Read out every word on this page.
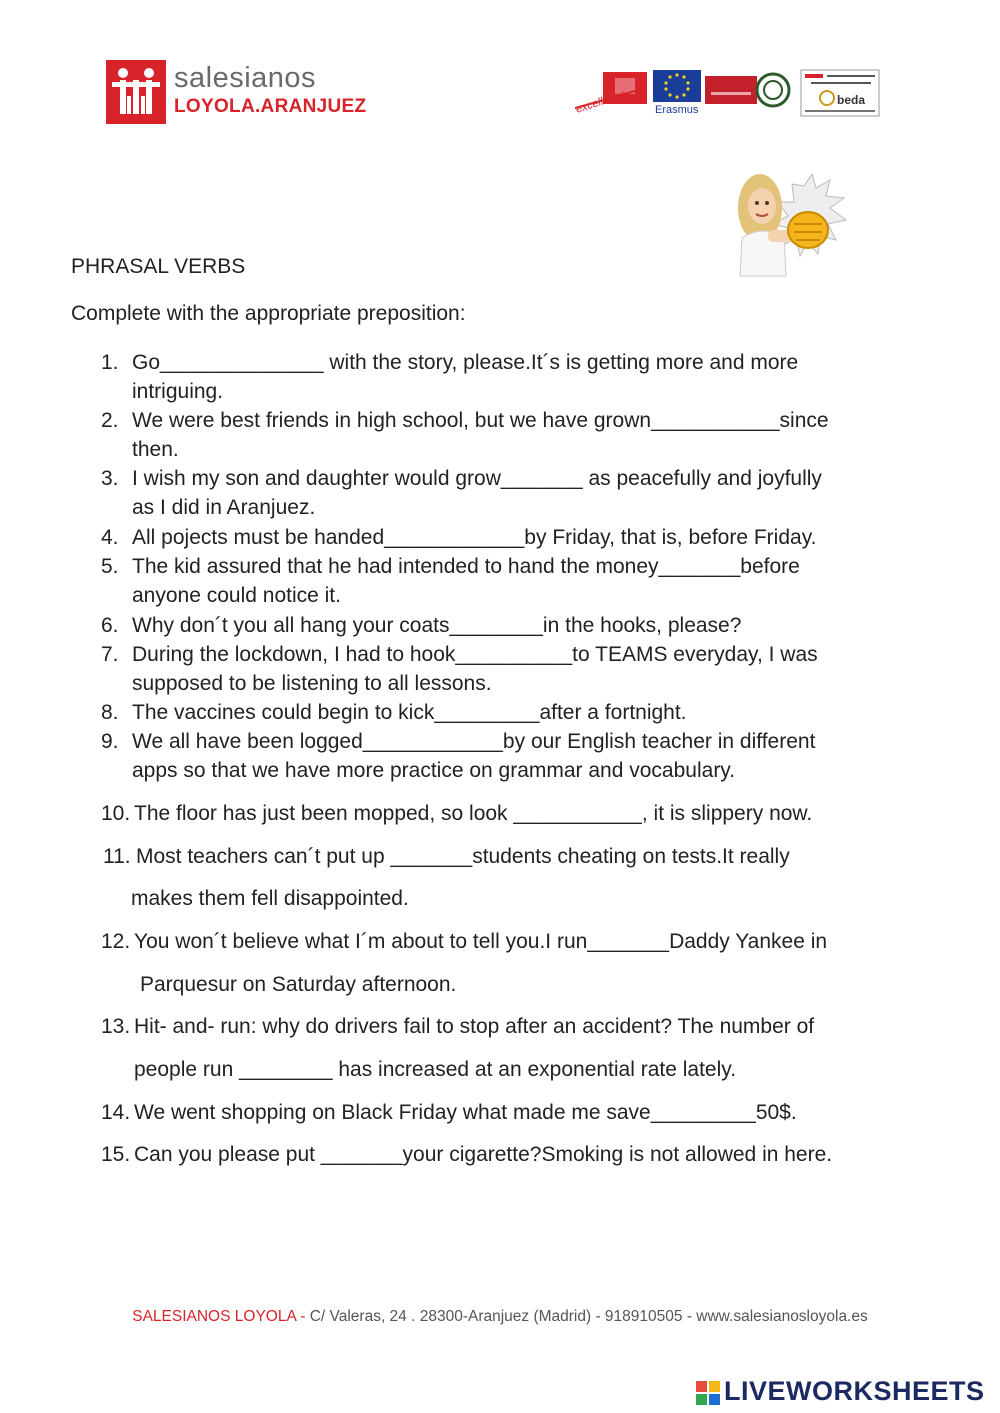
salesianos
LOYOLA.ARANJUEZ	excellence Erasmus
beda
PHRASAL VERBS
Complete with the appropriate preposition:
1. Go______________ with the story, please.It´s is getting more and more
intriguing.
2. We were best friends in high school, but we have grown___________since
then.
3. I wish my son and daughter would grow_______ as peacefully and joyfully
as I did in Aranjuez.
4. All pojects must be handed____________by Friday, that is, before Friday.
5. The kid assured that he had intended to hand the money_______before
anyone could notice it.
6. Why don´t you all hang your coats________in the hooks, please?
7. During the lockdown, I had to hook__________to TEAMS everyday, I was
supposed to be listening to all lessons.
8. The vaccines could begin to kick_________after a fortnight.
9. We all have been logged____________by our English teacher in different
apps so that we have more practice on grammar and vocabulary.
10. The floor has just been mopped, so look ___________, it is slippery now.
11. Most teachers can´t put up _______students cheating on tests.It really
makes them fell disappointed.
12. You won´t believe what I´m about to tell you.I run_______Daddy Yankee in
Parquesur on Saturday afternoon.
13. Hit- and- run: why do drivers fail to stop after an accident? The number of
people run ________ has increased at an exponential rate lately.
14. We went shopping on Black Friday what made me save_________50$.
15. Can you please put _______your cigarette?Smoking is not allowed in here.
SALESIANOS LOYOLA - C/ Valeras, 24 . 28300-Aranjuez (Madrid) - 918910505 - www.salesianosloyola.es
LIVEWORKSHEETS
